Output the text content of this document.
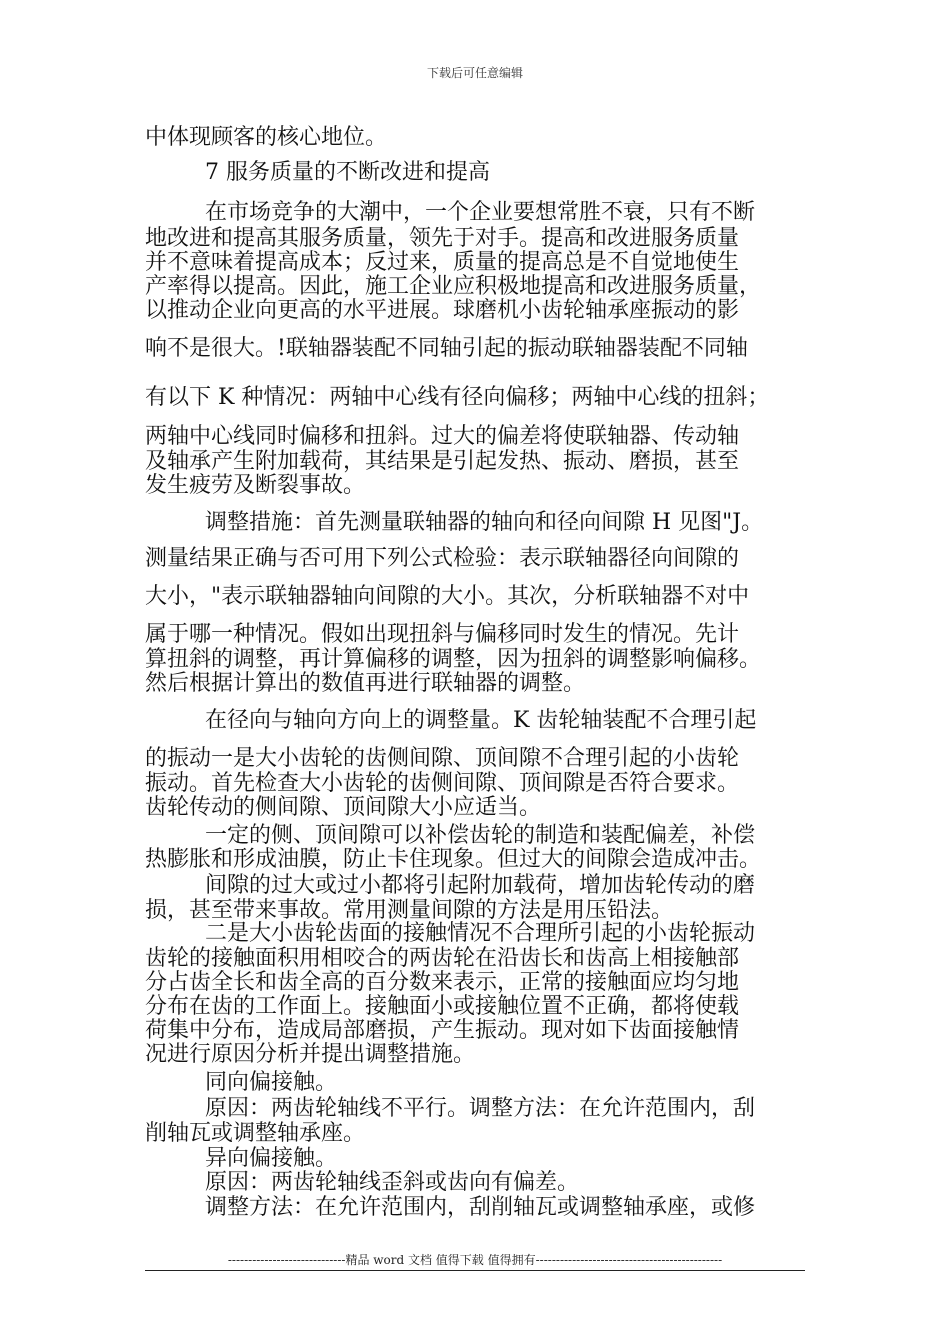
下载后可任意编辑
中体现顾客的核心地位。
7 服务质量的不断改进和提高
在市场竞争的大潮中，一个企业要想常胜不衰，只有不断
地改进和提高其服务质量，领先于对手。提高和改进服务质量
并不意味着提高成本；反过来，质量的提高总是不自觉地使生
产率得以提高。因此，施工企业应积极地提高和改进服务质量，
以推动企业向更高的水平进展。球磨机小齿轮轴承座振动的影
响不是很大。!联轴器装配不同轴引起的振动联轴器装配不同轴
有以下 K 种情况：两轴中心线有径向偏移；两轴中心线的扭斜；
两轴中心线同时偏移和扭斜。过大的偏差将使联轴器、传动轴
及轴承产生附加载荷，其结果是引起发热、振动、磨损，甚至
发生疲劳及断裂事故。
调整措施：首先测量联轴器的轴向和径向间隙 H 见图"J。
测量结果正确与否可用下列公式检验：表示联轴器径向间隙的
大小，"表示联轴器轴向间隙的大小。其次，分析联轴器不对中
属于哪一种情况。假如出现扭斜与偏移同时发生的情况。先计
算扭斜的调整，再计算偏移的调整，因为扭斜的调整影响偏移。
然后根据计算出的数值再进行联轴器的调整。
在径向与轴向方向上的调整量。K 齿轮轴装配不合理引起
的振动一是大小齿轮的齿侧间隙、顶间隙不合理引起的小齿轮
振动。首先检查大小齿轮的齿侧间隙、顶间隙是否符合要求。
齿轮传动的侧间隙、顶间隙大小应适当。
一定的侧、顶间隙可以补偿齿轮的制造和装配偏差，补偿
热膨胀和形成油膜，防止卡住现象。但过大的间隙会造成冲击。
间隙的过大或过小都将引起附加载荷，增加齿轮传动的磨
损，甚至带来事故。常用测量间隙的方法是用压铅法。
二是大小齿轮齿面的接触情况不合理所引起的小齿轮振动
齿轮的接触面积用相咬合的两齿轮在沿齿长和齿高上相接触部
分占齿全长和齿全高的百分数来表示，正常的接触面应均匀地
分布在齿的工作面上。接触面小或接触位置不正确，都将使载
荷集中分布，造成局部磨损，产生振动。现对如下齿面接触情
况进行原因分析并提出调整措施。
同向偏接触。
原因：两齿轮轴线不平行。调整方法：在允许范围内，刮
削轴瓦或调整轴承座。
异向偏接触。
原因：两齿轮轴线歪斜或齿向有偏差。
调整方法：在允许范围内，刮削轴瓦或调整轴承座，或修
-----------------------------精品 word 文档 值得下载 值得拥有----------------------------------------------
